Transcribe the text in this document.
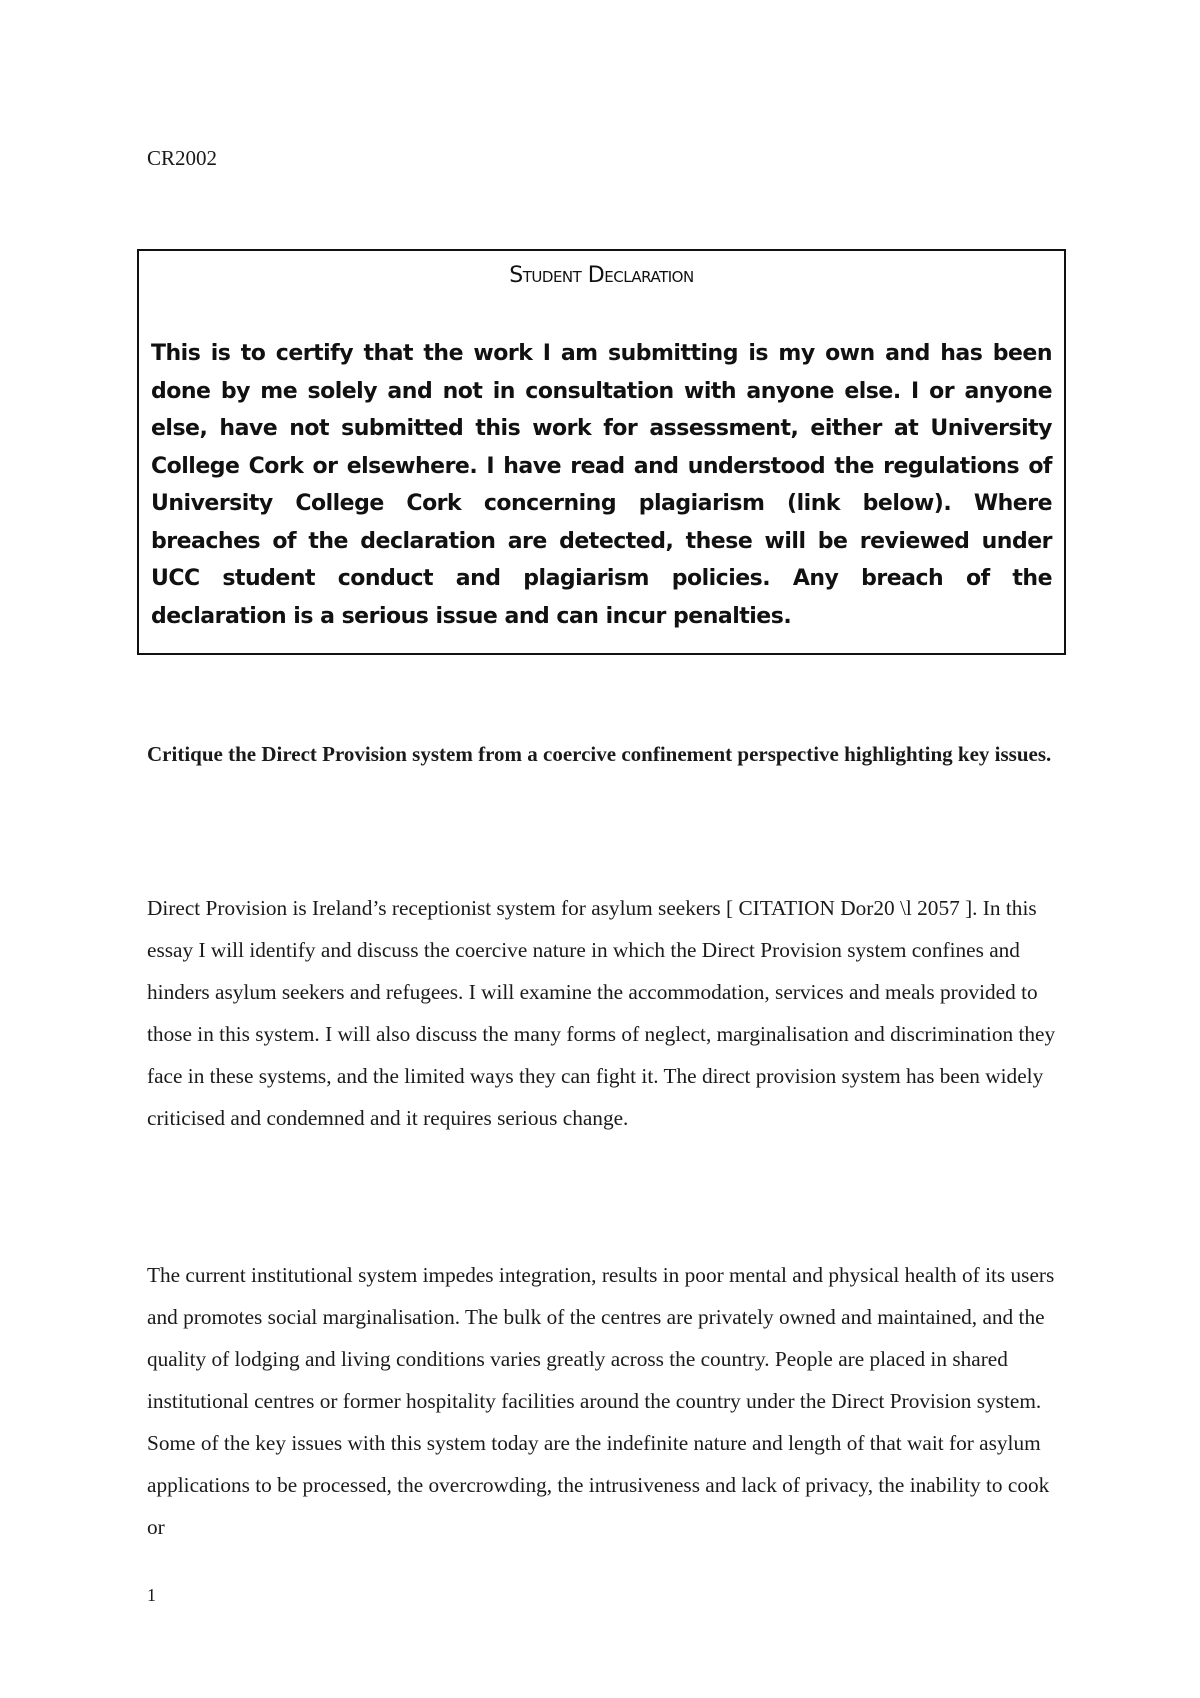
CR2002

Student Declaration

This is to certify that the work I am submitting is my own and has been done by me solely and not in consultation with anyone else. I or anyone else, have not submitted this work for assessment, either at University College Cork or elsewhere. I have read and understood the regulations of University College Cork concerning plagiarism (link below). Where breaches of the declaration are detected, these will be reviewed under UCC student conduct and plagiarism policies. Any breach of the declaration is a serious issue and can incur penalties.

Critique the Direct Provision system from a coercive confinement perspective highlighting key issues.

Direct Provision is Ireland’s receptionist system for asylum seekers [ CITATION Dor20 \l 2057 ]. In this essay I will identify and discuss the coercive nature in which the Direct Provision system confines and hinders asylum seekers and refugees. I will examine the accommodation, services and meals provided to those in this system. I will also discuss the many forms of neglect, marginalisation and discrimination they face in these systems, and the limited ways they can fight it. The direct provision system has been widely criticised and condemned and it requires serious change.

The current institutional system impedes integration, results in poor mental and physical health of its users and promotes social marginalisation. The bulk of the centres are privately owned and maintained, and the quality of lodging and living conditions varies greatly across the country. People are placed in shared institutional centres or former hospitality facilities around the country under the Direct Provision system. Some of the key issues with this system today are the indefinite nature and length of that wait for asylum applications to be processed, the overcrowding, the intrusiveness and lack of privacy, the inability to cook or

1
